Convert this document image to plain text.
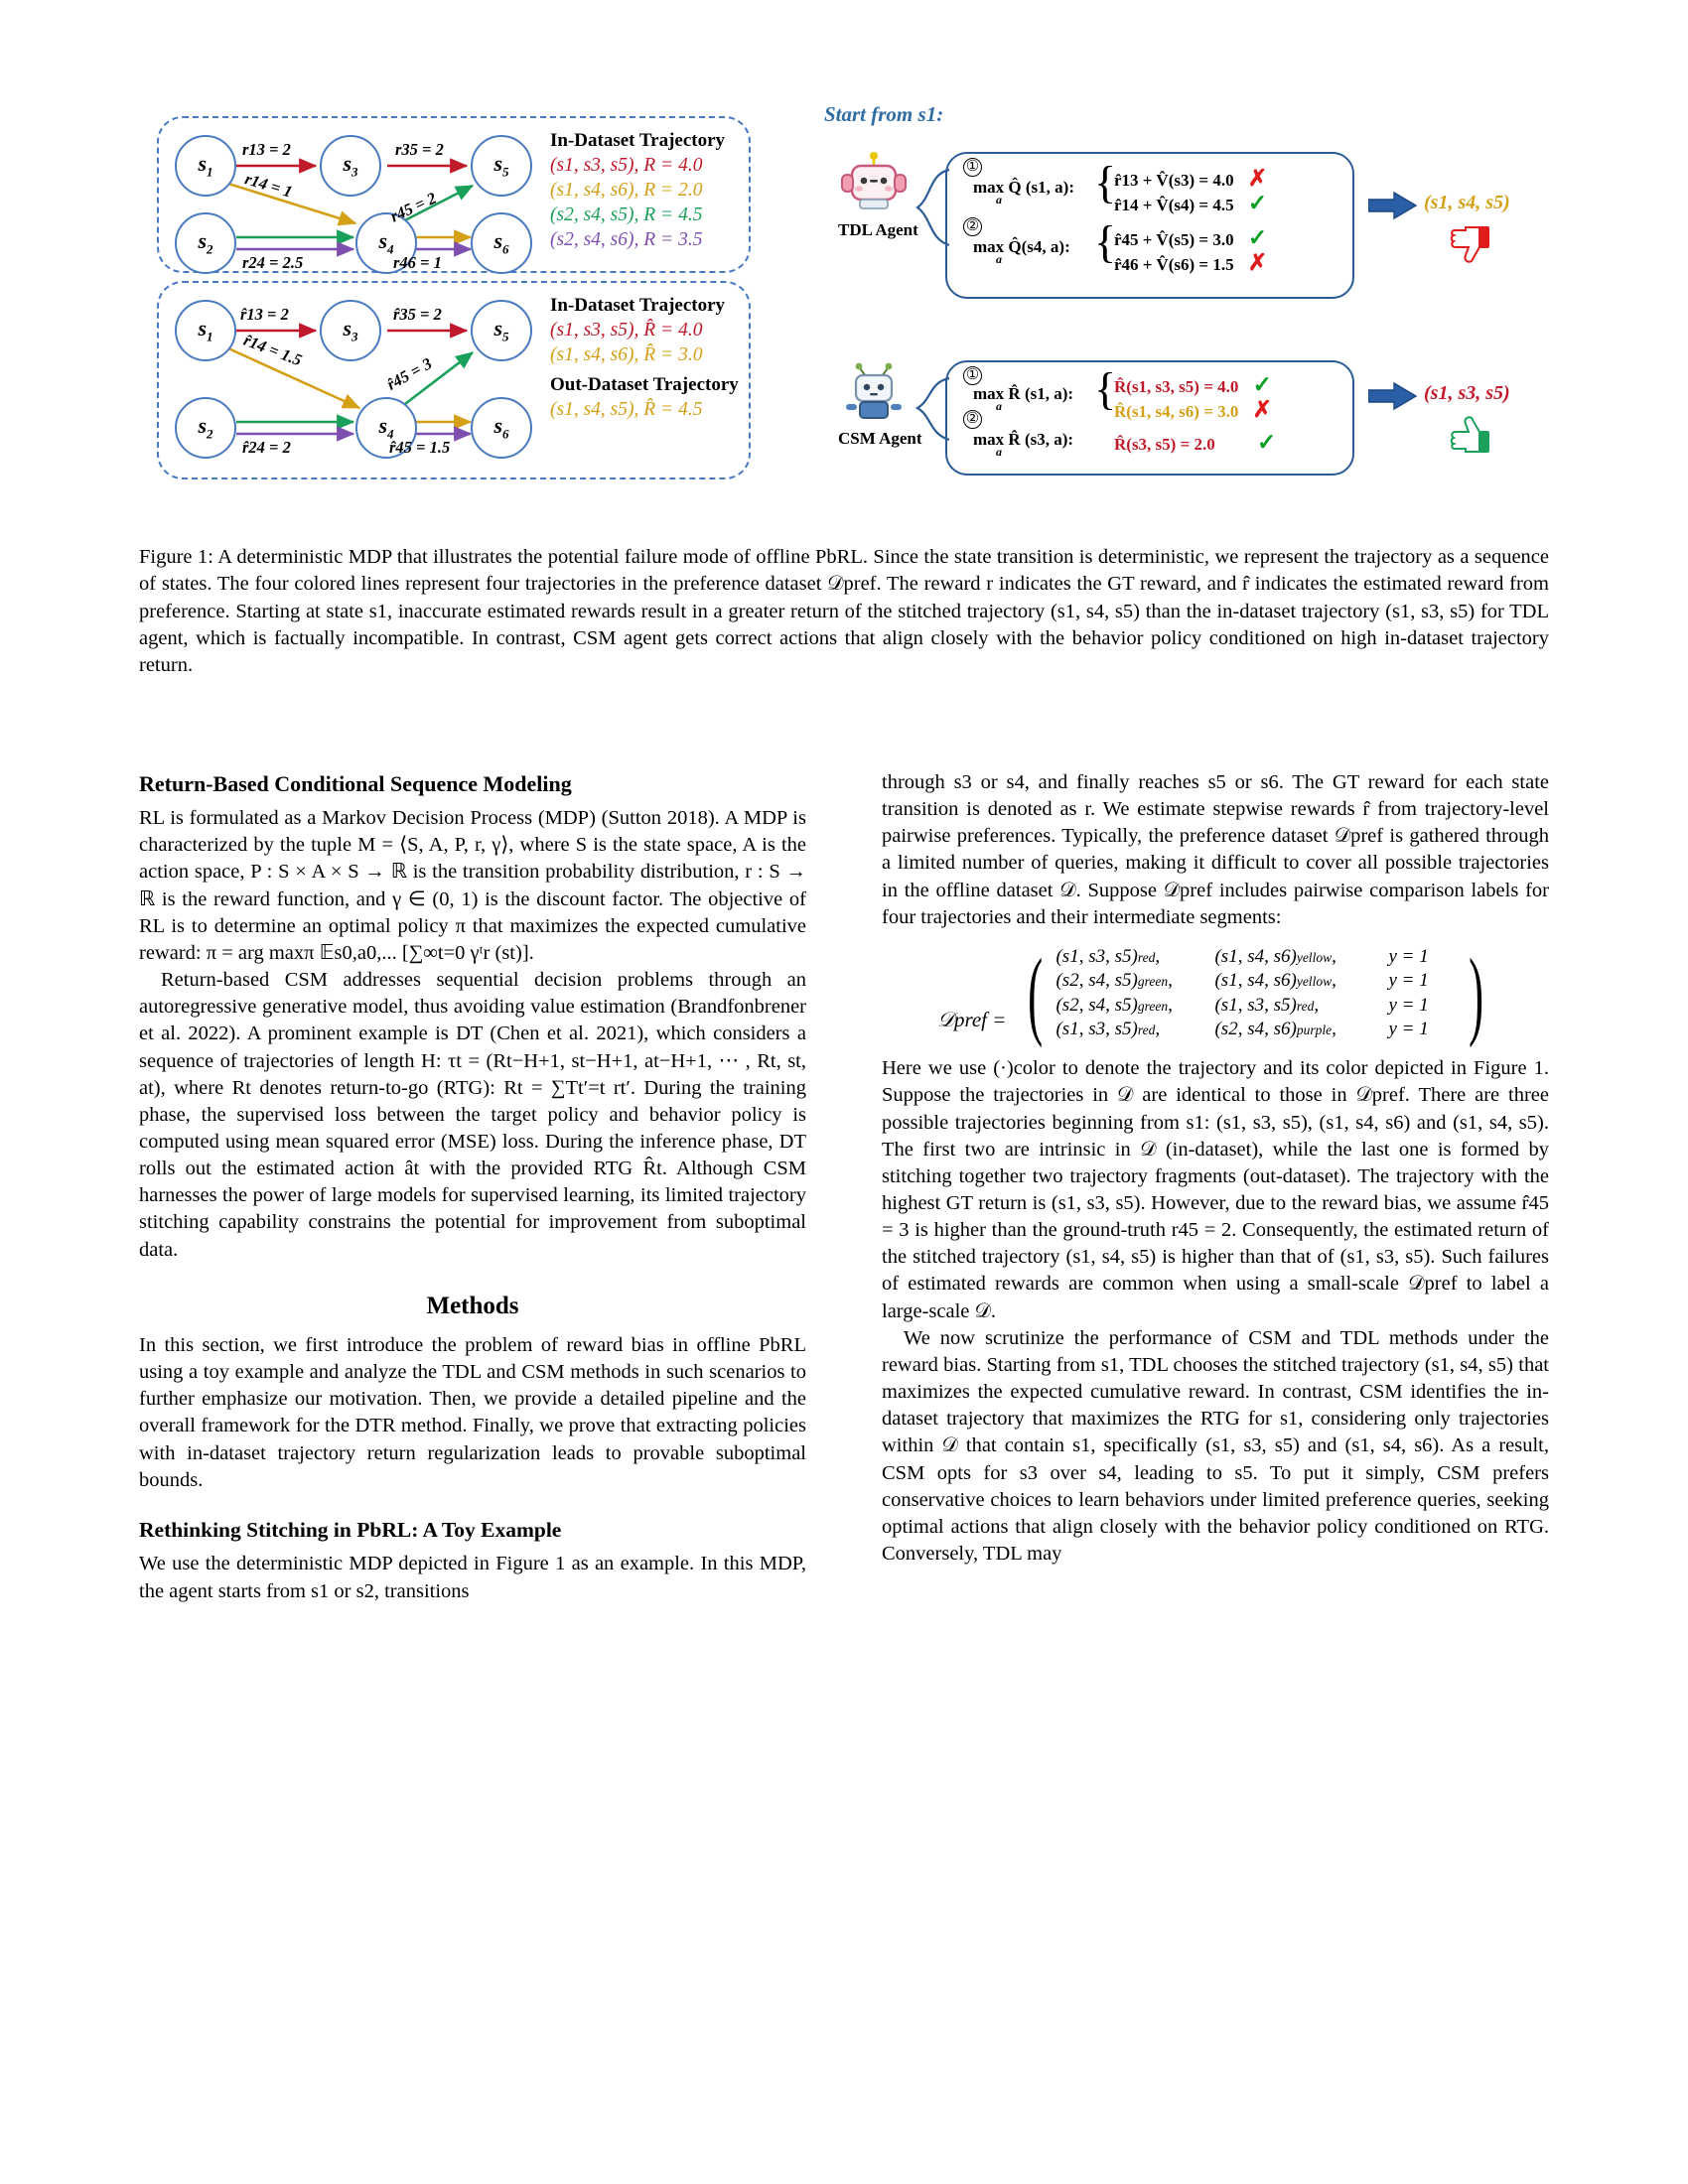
$s_1$	$s_3$	$s_5$
$s_2$	$s_4$	$s_6$
r13 = 2	r35 = 2
r14 = 1
r45 = 2
r24 = 2.5	r46 = 1
$s_1$	$s_3$	$s_5$
$s_2$	$s_4$	$s_6$
r̂13 = 2	r̂35 = 2
r̂14 = 1.5
r̂45 = 3
r̂24 = 2	r̂45 = 1.5
In-Dataset Trajectory
(s1, s3, s5), R = 4.0
(s1, s4, s6), R = 2.0
(s2, s4, s5), R = 4.5
(s2, s4, s6), R = 3.5
In-Dataset Trajectory
(s1, s3, s5), R̂ = 4.0
(s1, s4, s6), R̂ = 3.0
Out-Dataset Trajectory
(s1, s4, s5), R̂ = 4.5
Start from s1:
TDL Agent
①
max Q̂ (s1, a):
a {
r̂13 + V̂(s3) = 4.0 ✗
r̂14 + V̂(s4) = 4.5 ✓
②
max Q̂(s4, a):
a {
r̂45 + V̂(s5) = 3.0 ✓
r̂46 + V̂(s6) = 1.5 ✗
(s1, s4, s5)
CSM Agent
①
max R̂ (s1, a):
a {
R̂(s1, s3, s5) = 4.0 ✓
R̂(s1, s4, s6) = 3.0 ✗
②
max R̂ (s3, a):
a	R̂(s3, s5) = 2.0 ✓
(s1, s3, s5)
Figure 1: A deterministic MDP that illustrates the potential failure mode of offline PbRL. Since the state transition is deterministic, we represent the trajectory as a sequence of states. The four colored lines represent four trajectories in the preference dataset 𝒟pref. The reward r indicates the GT reward, and r̂ indicates the estimated reward from preference. Starting at state s1, inaccurate estimated rewards result in a greater return of the stitched trajectory (s1, s4, s5) than the in-dataset trajectory (s1, s3, s5) for TDL agent, which is factually incompatible. In contrast, CSM agent gets correct actions that align closely with the behavior policy conditioned on high in-dataset trajectory return.
Return-Based Conditional Sequence Modeling

RL is formulated as a Markov Decision Process (MDP) (Sutton 2018). A MDP is characterized by the tuple M = ⟨S, A, P, r, γ⟩, where S is the state space, A is the action space, P : S × A × S → ℝ is the transition probability distribution, r : S → ℝ is the reward function, and γ ∈ (0, 1) is the discount factor. The objective of RL is to determine an optimal policy π that maximizes the expected cumulative reward: π = arg maxπ 𝔼s0,a0,... [∑∞t=0 γᵗr (st)].

Return-based CSM addresses sequential decision problems through an autoregressive generative model, thus avoiding value estimation (Brandfonbrener et al. 2022). A prominent example is DT (Chen et al. 2021), which considers a sequence of trajectories of length H: τt = (Rt−H+1, st−H+1, at−H+1, ⋯ , Rt, st, at), where Rt denotes return-to-go (RTG): Rt = ∑Tt′=t rt′. During the training phase, the supervised loss between the target policy and behavior policy is computed using mean squared error (MSE) loss. During the inference phase, DT rolls out the estimated action ât with the provided RTG R̂t. Although CSM harnesses the power of large models for supervised learning, its limited trajectory stitching capability constrains the potential for improvement from suboptimal data.

Methods

In this section, we first introduce the problem of reward bias in offline PbRL using a toy example and analyze the TDL and CSM methods in such scenarios to further emphasize our motivation. Then, we provide a detailed pipeline and the overall framework for the DTR method. Finally, we prove that extracting policies with in-dataset trajectory return regularization leads to provable suboptimal bounds.

Rethinking Stitching in PbRL: A Toy Example

We use the deterministic MDP depicted in Figure 1 as an example. In this MDP, the agent starts from s1 or s2, transitions

through s3 or s4, and finally reaches s5 or s6. The GT reward for each state transition is denoted as r. We estimate stepwise rewards r̂ from trajectory-level pairwise preferences. Typically, the preference dataset 𝒟pref is gathered through a limited number of queries, making it difficult to cover all possible trajectories in the offline dataset 𝒟. Suppose 𝒟pref includes pairwise comparison labels for four trajectories and their intermediate segments:

𝒟pref = ( (s1, s3, s5)red,	(s1, s4, s6)yellow,	y = 1
(s2, s4, s5)green,	(s1, s4, s6)yellow,	y = 1
(s2, s4, s5)green,	(s1, s3, s5)red,	y = 1
(s1, s3, s5)red,	(s2, s4, s6)purple,	y = 1 )

Here we use (·)color to denote the trajectory and its color depicted in Figure 1. Suppose the trajectories in 𝒟 are identical to those in 𝒟pref. There are three possible trajectories beginning from s1: (s1, s3, s5), (s1, s4, s6) and (s1, s4, s5). The first two are intrinsic in 𝒟 (in-dataset), while the last one is formed by stitching together two trajectory fragments (out-dataset). The trajectory with the highest GT return is (s1, s3, s5). However, due to the reward bias, we assume r̂45 = 3 is higher than the ground-truth r45 = 2. Consequently, the estimated return of the stitched trajectory (s1, s4, s5) is higher than that of (s1, s3, s5). Such failures of estimated rewards are common when using a small-scale 𝒟pref to label a large-scale 𝒟.

We now scrutinize the performance of CSM and TDL methods under the reward bias. Starting from s1, TDL chooses the stitched trajectory (s1, s4, s5) that maximizes the expected cumulative reward. In contrast, CSM identifies the in-dataset trajectory that maximizes the RTG for s1, considering only trajectories within 𝒟 that contain s1, specifically (s1, s3, s5) and (s1, s4, s6). As a result, CSM opts for s3 over s4, leading to s5. To put it simply, CSM prefers conservative choices to learn behaviors under limited preference queries, seeking optimal actions that align closely with the behavior policy conditioned on RTG. Conversely, TDL may
